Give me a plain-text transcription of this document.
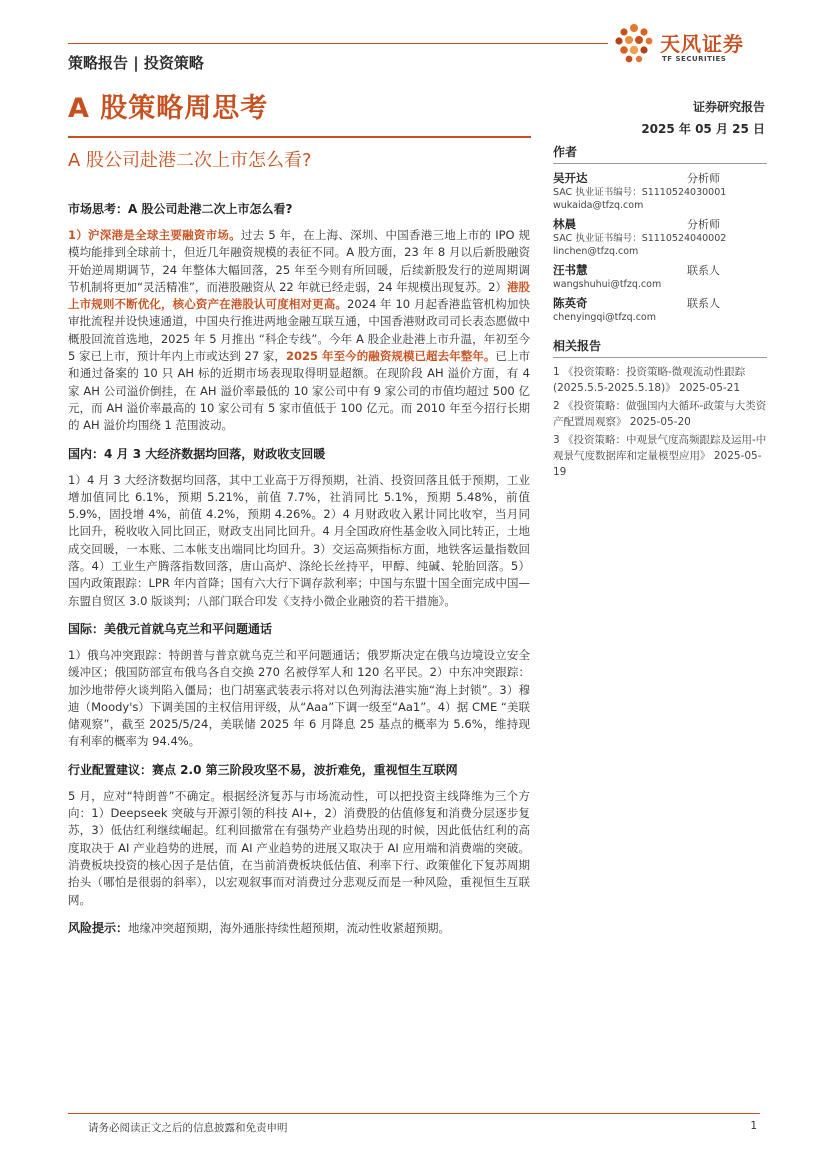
策略报告 | 投资策略
A 股策略周思考
A 股公司赴港二次上市怎么看?
证券研究报告
2025 年 05 月 25 日
天风证券
TF SECURITIES
市场思考：A 股公司赴港二次上市怎么看?

1）沪深港是全球主要融资市场。过去 5 年，在上海、深圳、中国香港三地上市的 IPO 规模均能排到全球前十，但近几年融资规模的表征不同。A 股方面，23 年 8 月以后新股融资开始逆周期调节，24 年整体大幅回落，25 年至今则有所回暖，后续新股发行的逆周期调节机制将更加“灵活精准”，而港股融资从 22 年就已经走弱，24 年规模出现复苏。2）港股上市规则不断优化，核心资产在港股认可度相对更高。2024 年 10 月起香港监管机构加快审批流程并设快速通道，中国央行推进两地金融互联互通，中国香港财政司司长表态愿做中概股回流首选地，2025 年 5 月推出 “科企专线”。今年 A 股企业赴港上市升温，年初至今 5 家已上市，预计年内上市或达到 27 家，2025 年至今的融资规模已超去年整年。已上市和通过备案的 10 只 AH 标的近期市场表现取得明显超额。在现阶段 AH 溢价方面，有 4 家 AH 公司溢价倒挂，在 AH 溢价率最低的 10 家公司中有 9 家公司的市值均超过 500 亿元，而 AH 溢价率最高的 10 家公司有 5 家市值低于 100 亿元。而 2010 年至今招行长期的 AH 溢价均围绕 1 范围波动。

国内：4 月 3 大经济数据均回落，财政收支回暖

1）4 月 3 大经济数据均回落，其中工业高于万得预期，社消、投资回落且低于预期，工业增加值同比 6.1%，预期 5.21%，前值 7.7%，社消同比 5.1%，预期 5.48%，前值 5.9%，固投增 4%，前值 4.2%，预期 4.26%。2）4 月财政收入累计同比收窄，当月同比回升，税收收入同比回正，财政支出同比回升。4 月全国政府性基金收入同比转正，土地成交回暖，一本账、二本帐支出端同比均回升。3）交运高频指标方面，地铁客运量指数回落。4）工业生产腾落指数回落，唐山高炉、涤纶长丝持平，甲醇、纯碱、轮胎回落。5）国内政策跟踪：LPR 年内首降；国有六大行下调存款利率；中国与东盟十国全面完成中国—东盟自贸区 3.0 版谈判；八部门联合印发《支持小微企业融资的若干措施》。

国际：美俄元首就乌克兰和平问题通话

1）俄乌冲突跟踪：特朗普与普京就乌克兰和平问题通话；俄罗斯决定在俄乌边境设立安全缓冲区；俄国防部宣布俄乌各自交换 270 名被俘军人和 120 名平民。2）中东冲突跟踪：加沙地带停火谈判陷入僵局；也门胡塞武装表示将对以色列海法港实施“海上封锁”。3）穆迪（Moody's）下调美国的主权信用评级，从“Aaa”下调一级至“Aa1”。4）据 CME “美联储观察”，截至 2025/5/24，美联储 2025 年 6 月降息 25 基点的概率为 5.6%，维持现有利率的概率为 94.4%。

行业配置建议：赛点 2.0 第三阶段攻坚不易，波折难免，重视恒生互联网

5 月，应对“特朗普”不确定。根据经济复苏与市场流动性，可以把投资主线降维为三个方向：1）Deepseek 突破与开源引领的科技 AI+，2）消费股的估值修复和消费分层逐步复苏，3）低估红利继续崛起。红利回撤常在有强势产业趋势出现的时候，因此低估红利的高度取决于 AI 产业趋势的进展，而 AI 产业趋势的进展又取决于 AI 应用端和消费端的突破。消费板块投资的核心因子是估值，在当前消费板块低估值、利率下行、政策催化下复苏周期抬头（哪怕是很弱的斜率），以宏观叙事而对消费过分悲观反而是一种风险，重视恒生互联网。

风险提示：地缘冲突超预期，海外通胀持续性超预期，流动性收紧超预期。

作者
吴开达	分析师
SAC 执业证书编号：S1110524030001
wukaida@tfzq.com
林晨	分析师
SAC 执业证书编号：S1110524040002
linchen@tfzq.com
汪书慧	联系人
wangshuhui@tfzq.com
陈英奇	联系人
chenyingqi@tfzq.com
相关报告
1 《投资策略：投资策略-微观流动性跟踪(2025.5.5-2025.5.18)》 2025-05-21
2 《投资策略：做强国内大循环-政策与大类资产配置周观察》 2025-05-20
3 《投资策略：中观景气度高频跟踪及运用-中观景气度数据库和定量模型应用》 2025-05-19
请务必阅读正文之后的信息披露和免责申明	1
